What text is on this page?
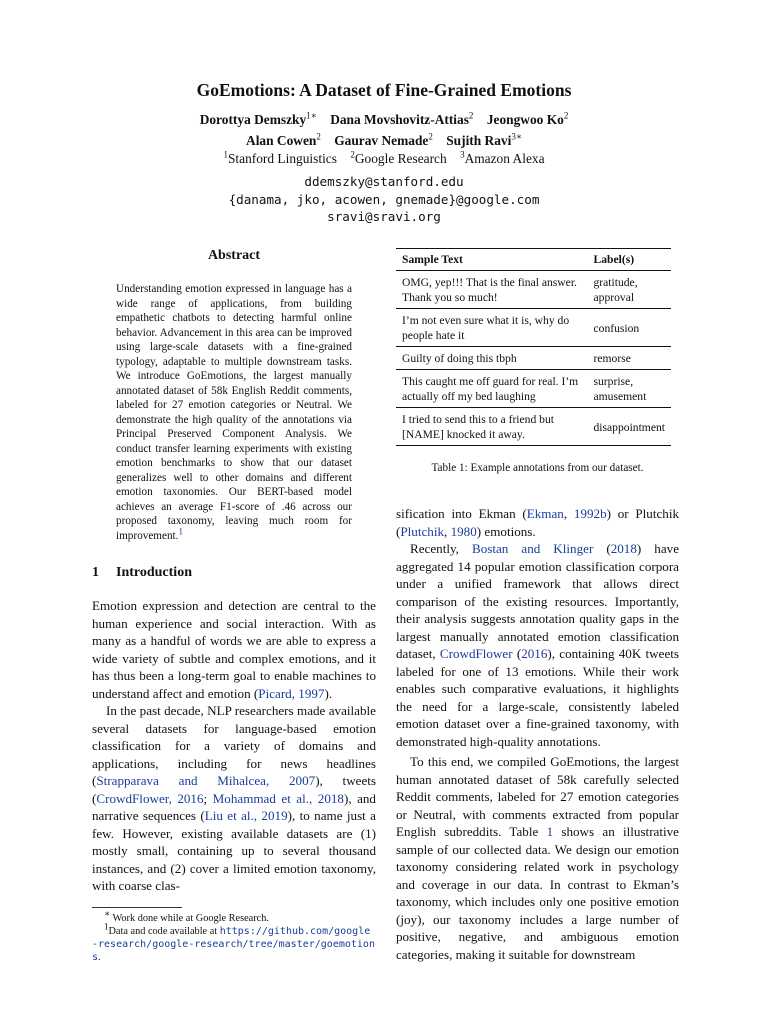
GoEmotions: A Dataset of Fine-Grained Emotions
Dorottya Demszky$^{1∗}$ Dana Movshovitz-Attias$^2$ Jeongwoo Ko$^2$
Alan Cowen$^2$ Gaurav Nemade$^2$ Sujith Ravi$^{3∗}$
$^1$Stanford Linguistics $^2$Google Research $^3$Amazon Alexa
ddemszky@stanford.edu
{danama, jko, acowen, gnemade}@google.com
sravi@sravi.org
Abstract
Understanding emotion expressed in language has a wide range of applications, from building empathetic chatbots to detecting harmful online behavior. Advancement in this area can be improved using large-scale datasets with a fine-grained typology, adaptable to multiple downstream tasks. We introduce GoEmotions, the largest manually annotated dataset of 58k English Reddit comments, labeled for 27 emotion categories or Neutral. We demonstrate the high quality of the annotations via Principal Preserved Component Analysis. We conduct transfer learning experiments with existing emotion benchmarks to show that our dataset generalizes well to other domains and different emotion taxonomies. Our BERT-based model achieves an average F1-score of .46 across our proposed taxonomy, leaving much room for improvement.$^1$
1 Introduction

Emotion expression and detection are central to the human experience and social interaction. With as many as a handful of words we are able to express a wide variety of subtle and complex emotions, and it has thus been a long-term goal to enable machines to understand affect and emotion (Picard, 1997).

In the past decade, NLP researchers made available several datasets for language-based emotion classification for a variety of domains and applications, including for news headlines (Strapparava and Mihalcea, 2007), tweets (CrowdFlower, 2016; Mohammad et al., 2018), and narrative sequences (Liu et al., 2019), to name just a few. However, existing available datasets are (1) mostly small, containing up to several thousand instances, and (2) cover a limited emotion taxonomy, with coarse clas-

∗ Work done while at Google Research.
$^1$Data and code available at https://github.com/google-research/google-research/tree/master/goemotions.
Sample Text	Label(s)
OMG, yep!!! That is the final answer. Thank you so much!	gratitude, approval
I’m not even sure what it is, why do people hate it	confusion
Guilty of doing this tbph	remorse
This caught me off guard for real. I’m actually off my bed laughing	surprise, amusement
I tried to send this to a friend but [NAME] knocked it away.	disappointment
Table 1: Example annotations from our dataset.

sification into Ekman (Ekman, 1992b) or Plutchik (Plutchik, 1980) emotions.

Recently, Bostan and Klinger (2018) have aggregated 14 popular emotion classification corpora under a unified framework that allows direct comparison of the existing resources. Importantly, their analysis suggests annotation quality gaps in the largest manually annotated emotion classification dataset, CrowdFlower (2016), containing 40K tweets labeled for one of 13 emotions. While their work enables such comparative evaluations, it highlights the need for a large-scale, consistently labeled emotion dataset over a fine-grained taxonomy, with demonstrated high-quality annotations.

To this end, we compiled GoEmotions, the largest human annotated dataset of 58k carefully selected Reddit comments, labeled for 27 emotion categories or Neutral, with comments extracted from popular English subreddits. Table 1 shows an illustrative sample of our collected data. We design our emotion taxonomy considering related work in psychology and coverage in our data. In contrast to Ekman’s taxonomy, which includes only one positive emotion (joy), our taxonomy includes a large number of positive, negative, and ambiguous emotion categories, making it suitable for downstream
